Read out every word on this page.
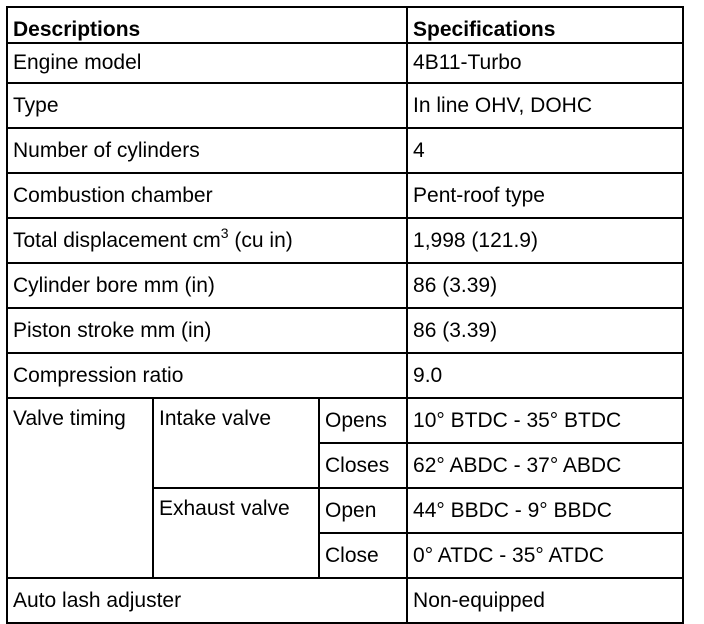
Descriptions			Specifications
Engine model			4B11-Turbo
Type			In line OHV, DOHC
Number of cylinders			4
Combustion chamber			Pent-roof type
Total displacement $cm^3$ (cu in)			1,998 (121.9)
Cylinder bore mm (in)			86 (3.39)
Piston stroke mm (in)			86 (3.39)
Compression ratio			9.0
Valve timing	Intake valve	Opens	10° BTDC - 35° BTDC
		Closes	62° ABDC - 37° ABDC
	Exhaust valve	Open	44° BBDC - 9° BBDC
		Close	0° ATDC - 35° ATDC
Auto lash adjuster			Non-equipped
